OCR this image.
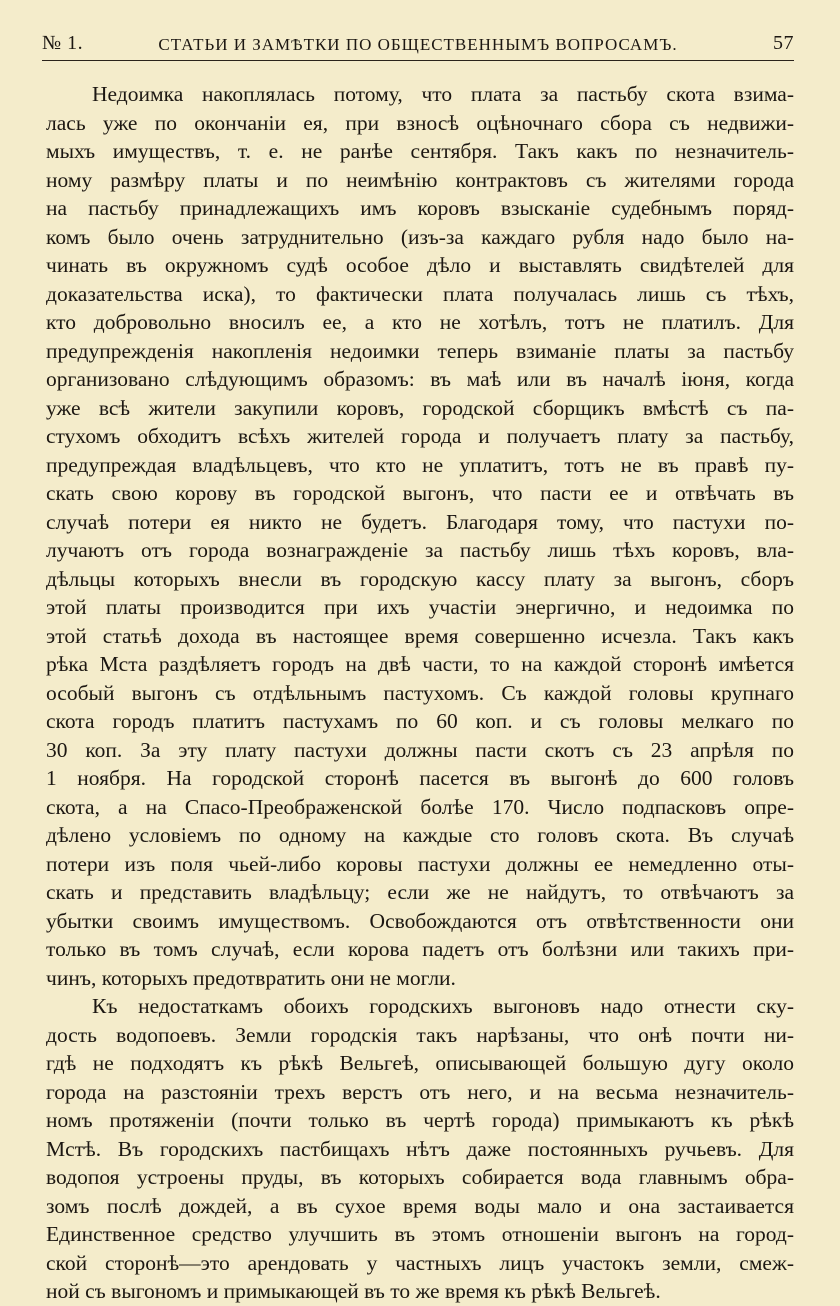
№ 1.	СТАТЬИ И ЗАМѢТКИ ПО ОБЩЕСТВЕННЫМЪ ВОПРОСАМЪ.	57
Недоимка накоплялась потому, что плата за пастьбу скота взима-
лась уже по окончанiи ея, при взносѣ оцѣночнаго сбора съ недвижи-
мыхъ имуществъ, т. е. не ранѣе сентября. Такъ какъ по незначитель-
ному размѣру платы и по неимѣнiю контрактовъ съ жителями города
на пастьбу принадлежащихъ имъ коровъ взысканiе судебнымъ поряд-
комъ было очень затруднительно (изъ-за каждаго рубля надо было на-
чинать въ окружномъ судѣ особое дѣло и выставлять свидѣтелей для
доказательства иска), то фактически плата получалась лишь съ тѣхъ,
кто добровольно вносилъ ее, а кто не хотѣлъ, тотъ не платилъ. Для
предупрежденiя накопленiя недоимки теперь взиманiе платы за пастьбу
организовано слѣдующимъ образомъ: въ маѣ или въ началѣ iюня, когда
уже всѣ жители закупили коровъ, городской сборщикъ вмѣстѣ съ па-
стухомъ обходитъ всѣхъ жителей города и получаетъ плату за пастьбу,
предупреждая владѣльцевъ, что кто не уплатитъ, тотъ не въ правѣ пу-
скать свою корову въ городской выгонъ, что пасти ее и отвѣчать въ
случаѣ потери ея никто не будетъ. Благодаря тому, что пастухи по-
лучаютъ отъ города вознагражденiе за пастьбу лишь тѣхъ коровъ, вла-
дѣльцы которыхъ внесли въ городскую кассу плату за выгонъ, сборъ
этой платы производится при ихъ участiи энергично, и недоимка по
этой статьѣ дохода въ настоящее время совершенно исчезла. Такъ какъ
рѣка Мста раздѣляетъ городъ на двѣ части, то на каждой сторонѣ имѣется
особый выгонъ съ отдѣльнымъ пастухомъ. Съ каждой головы крупнаго
скота городъ платитъ пастухамъ по 60 коп. и съ головы мелкаго по
30 коп. За эту плату пастухи должны пасти скотъ съ 23 апрѣля по
1 ноября. На городской сторонѣ пасется въ выгонѣ до 600 головъ
скота, а на Спасо-Преображенской болѣе 170. Число подпасковъ опре-
дѣлено условiемъ по одному на каждые сто головъ скота. Въ случаѣ
потери изъ поля чьей-либо коровы пастухи должны ее немедленно оты-
скать и представить владѣльцу; если же не найдутъ, то отвѣчаютъ за
убытки своимъ имуществомъ. Освобождаются отъ отвѣтственности они
только въ томъ случаѣ, если корова падетъ отъ болѣзни или такихъ при-
чинъ, которыхъ предотвратить они не могли.
Къ недостаткамъ обоихъ городскихъ выгоновъ надо отнести ску-
дость водопоевъ. Земли городскiя такъ нарѣзаны, что онѣ почти ни-
гдѣ не подходятъ къ рѣкѣ Вельгеѣ, описывающей большую дугу около
города на разстоянiи трехъ верстъ отъ него, и на весьма незначитель-
номъ протяженiи (почти только въ чертѣ города) примыкаютъ къ рѣкѣ
Мстѣ. Въ городскихъ пастбищахъ нѣтъ даже постоянныхъ ручьевъ. Для
водопоя устроены пруды, въ которыхъ собирается вода главнымъ обра-
зомъ послѣ дождей, а въ сухое время воды мало и она застаивается
Единственное средство улучшить въ этомъ отношенiи выгонъ на город-
ской сторонѣ—это арендовать у частныхъ лицъ участокъ земли, смеж-
ной съ выгономъ и примыкающей въ то же время къ рѣкѣ Вельгеѣ.
